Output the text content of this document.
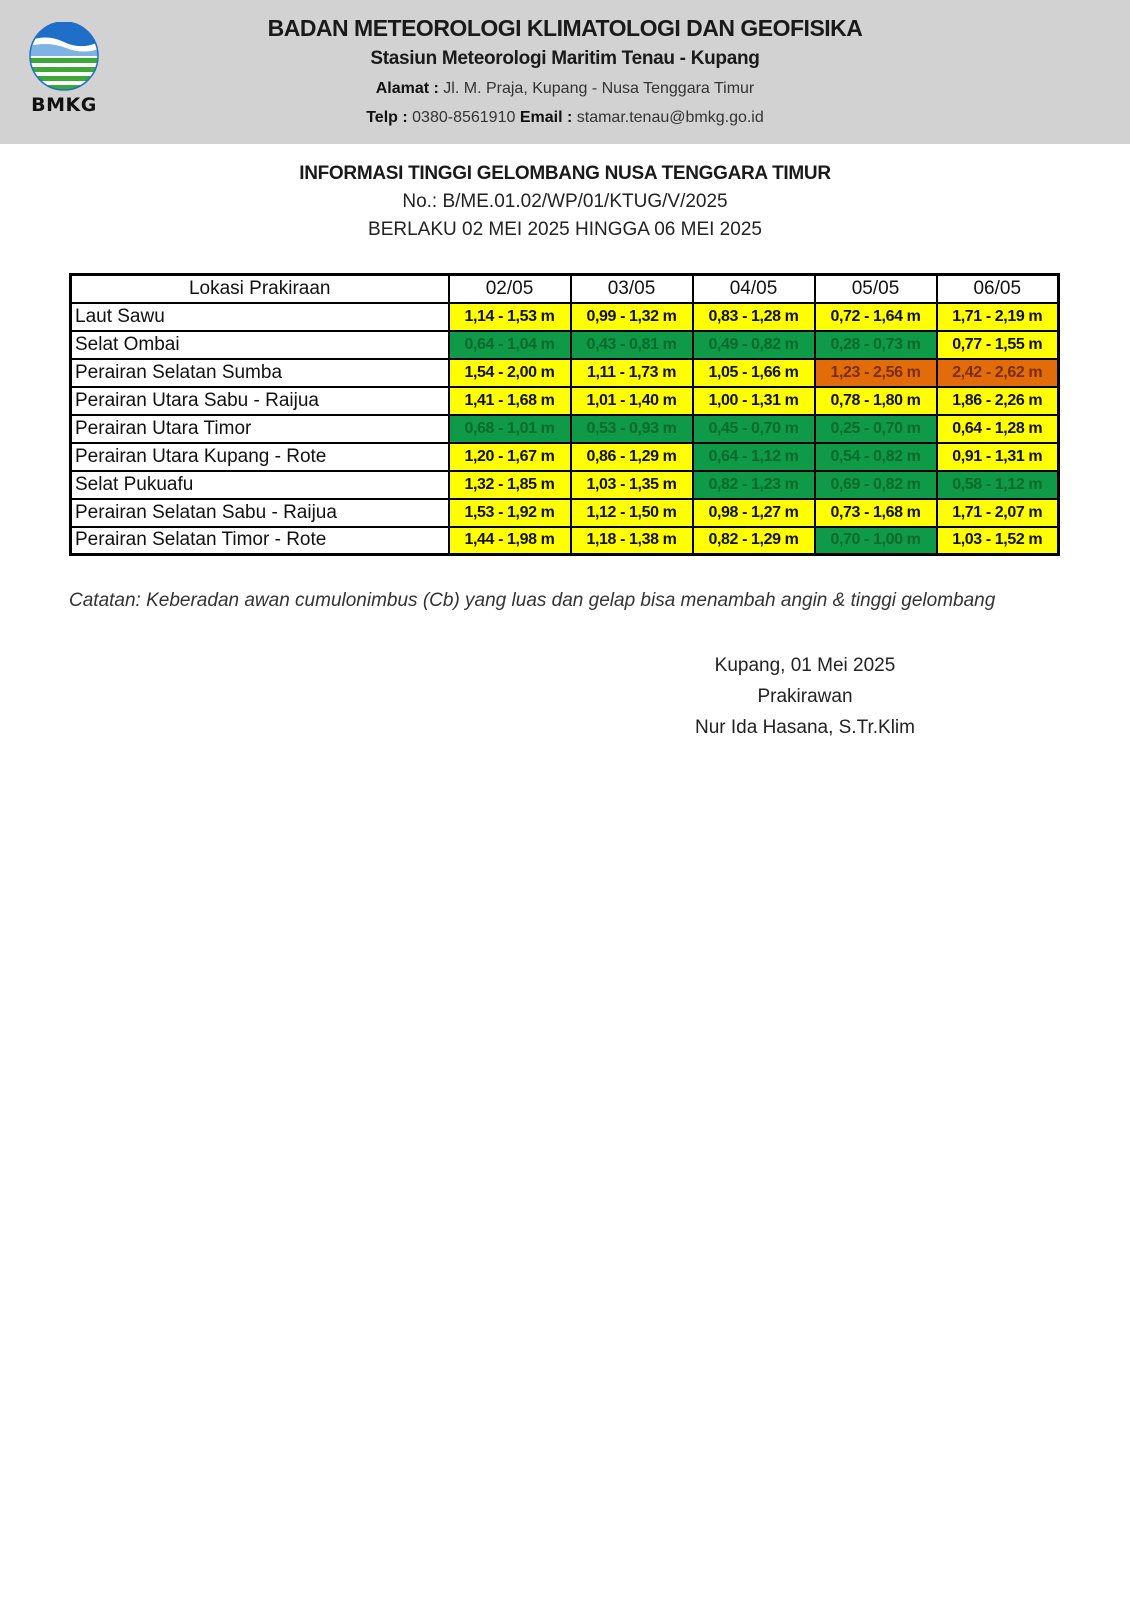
BMKG
BADAN METEOROLOGI KLIMATOLOGI DAN GEOFISIKA
Stasiun Meteorologi Maritim Tenau - Kupang
Alamat : Jl. M. Praja, Kupang - Nusa Tenggara Timur
Telp : 0380-8561910 Email : stamar.tenau@bmkg.go.id
INFORMASI TINGGI GELOMBANG NUSA TENGGARA TIMUR
No.: B/ME.01.02/WP/01/KTUG/V/2025
BERLAKU 02 MEI 2025 HINGGA 06 MEI 2025
Lokasi Prakiraan	02/05	03/05	04/05	05/05	06/05
Laut Sawu	1,14 - 1,53 m	0,99 - 1,32 m	0,83 - 1,28 m	0,72 - 1,64 m	1,71 - 2,19 m
Selat Ombai	0,64 - 1,04 m	0,43 - 0,81 m	0,49 - 0,82 m	0,28 - 0,73 m	0,77 - 1,55 m
Perairan Selatan Sumba	1,54 - 2,00 m	1,11 - 1,73 m	1,05 - 1,66 m	1,23 - 2,56 m	2,42 - 2,62 m
Perairan Utara Sabu - Raijua	1,41 - 1,68 m	1,01 - 1,40 m	1,00 - 1,31 m	0,78 - 1,80 m	1,86 - 2,26 m
Perairan Utara Timor	0,68 - 1,01 m	0,53 - 0,93 m	0,45 - 0,70 m	0,25 - 0,70 m	0,64 - 1,28 m
Perairan Utara Kupang - Rote	1,20 - 1,67 m	0,86 - 1,29 m	0,64 - 1,12 m	0,54 - 0,82 m	0,91 - 1,31 m
Selat Pukuafu	1,32 - 1,85 m	1,03 - 1,35 m	0,82 - 1,23 m	0,69 - 0,82 m	0,58 - 1,12 m
Perairan Selatan Sabu - Raijua	1,53 - 1,92 m	1,12 - 1,50 m	0,98 - 1,27 m	0,73 - 1,68 m	1,71 - 2,07 m
Perairan Selatan Timor - Rote	1,44 - 1,98 m	1,18 - 1,38 m	0,82 - 1,29 m	0,70 - 1,00 m	1,03 - 1,52 m
Catatan: Keberadan awan cumulonimbus (Cb) yang luas dan gelap bisa menambah angin & tinggi gelombang
Kupang, 01 Mei 2025
Prakirawan
Nur Ida Hasana, S.Tr.Klim
